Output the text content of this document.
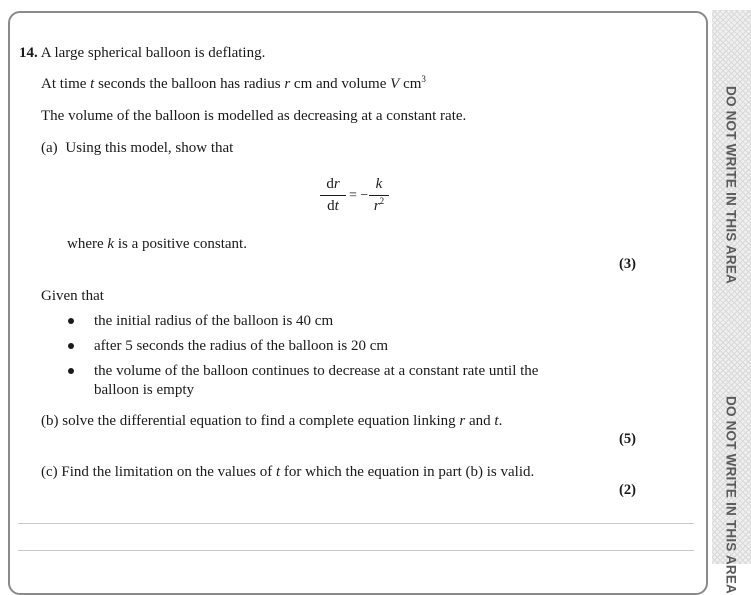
DO NOT WRITE IN THIS AREA
DO NOT WRITE IN THIS AREA
14. A large spherical balloon is deflating.
At time t seconds the balloon has radius r cm and volume V $cm^3$
The volume of the balloon is modelled as decreasing at a constant rate.
(a) Using this model, show that
$\frac{dr}{dt}$ = − $\frac{k}{r^2}$
where k is a positive constant.
(3)
Given that
the initial radius of the balloon is 40 cm
after 5 seconds the radius of the balloon is 20 cm
the volume of the balloon continues to decrease at a constant rate until the
balloon is empty
(b) solve the differential equation to find a complete equation linking r and t.
(5)
(c) Find the limitation on the values of t for which the equation in part (b) is valid.
(2)
